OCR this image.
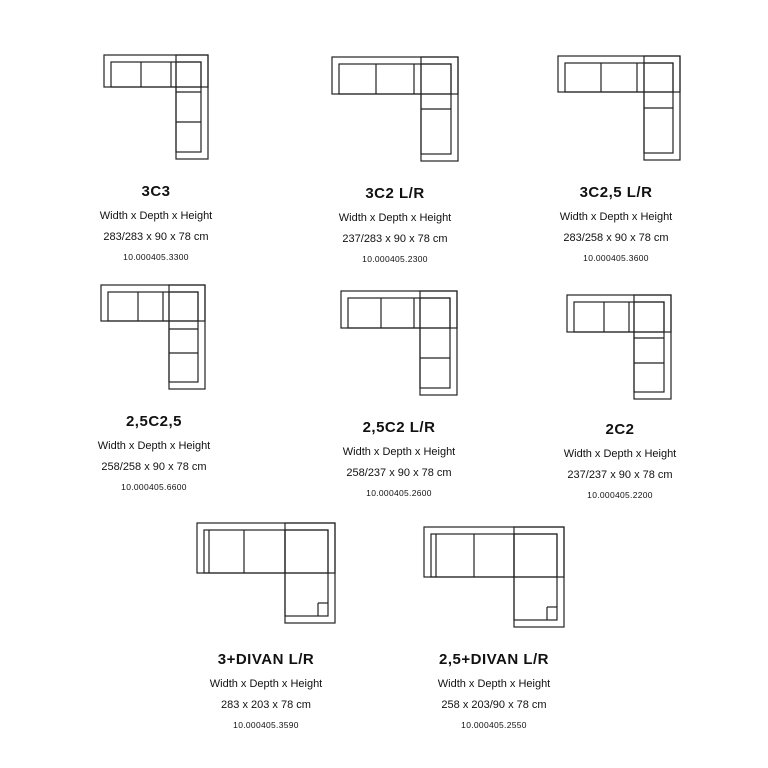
3C3
Width x Depth x Height
283/283 x 90 x 78 cm
10.000405.3300
3C2 L/R
Width x Depth x Height
237/283 x 90 x 78 cm
10.000405.2300
3C2,5 L/R
Width x Depth x Height
283/258 x 90 x 78 cm
10.000405.3600
2,5C2,5
Width x Depth x Height
258/258 x 90 x 78 cm
10.000405.6600
2,5C2 L/R
Width x Depth x Height
258/237 x 90 x 78 cm
10.000405.2600
2C2
Width x Depth x Height
237/237 x 90 x 78 cm
10.000405.2200
3+DIVAN L/R
Width x Depth x Height
283 x 203 x 78 cm
10.000405.3590
2,5+DIVAN L/R
Width x Depth x Height
258 x 203/90 x 78 cm
10.000405.2550
